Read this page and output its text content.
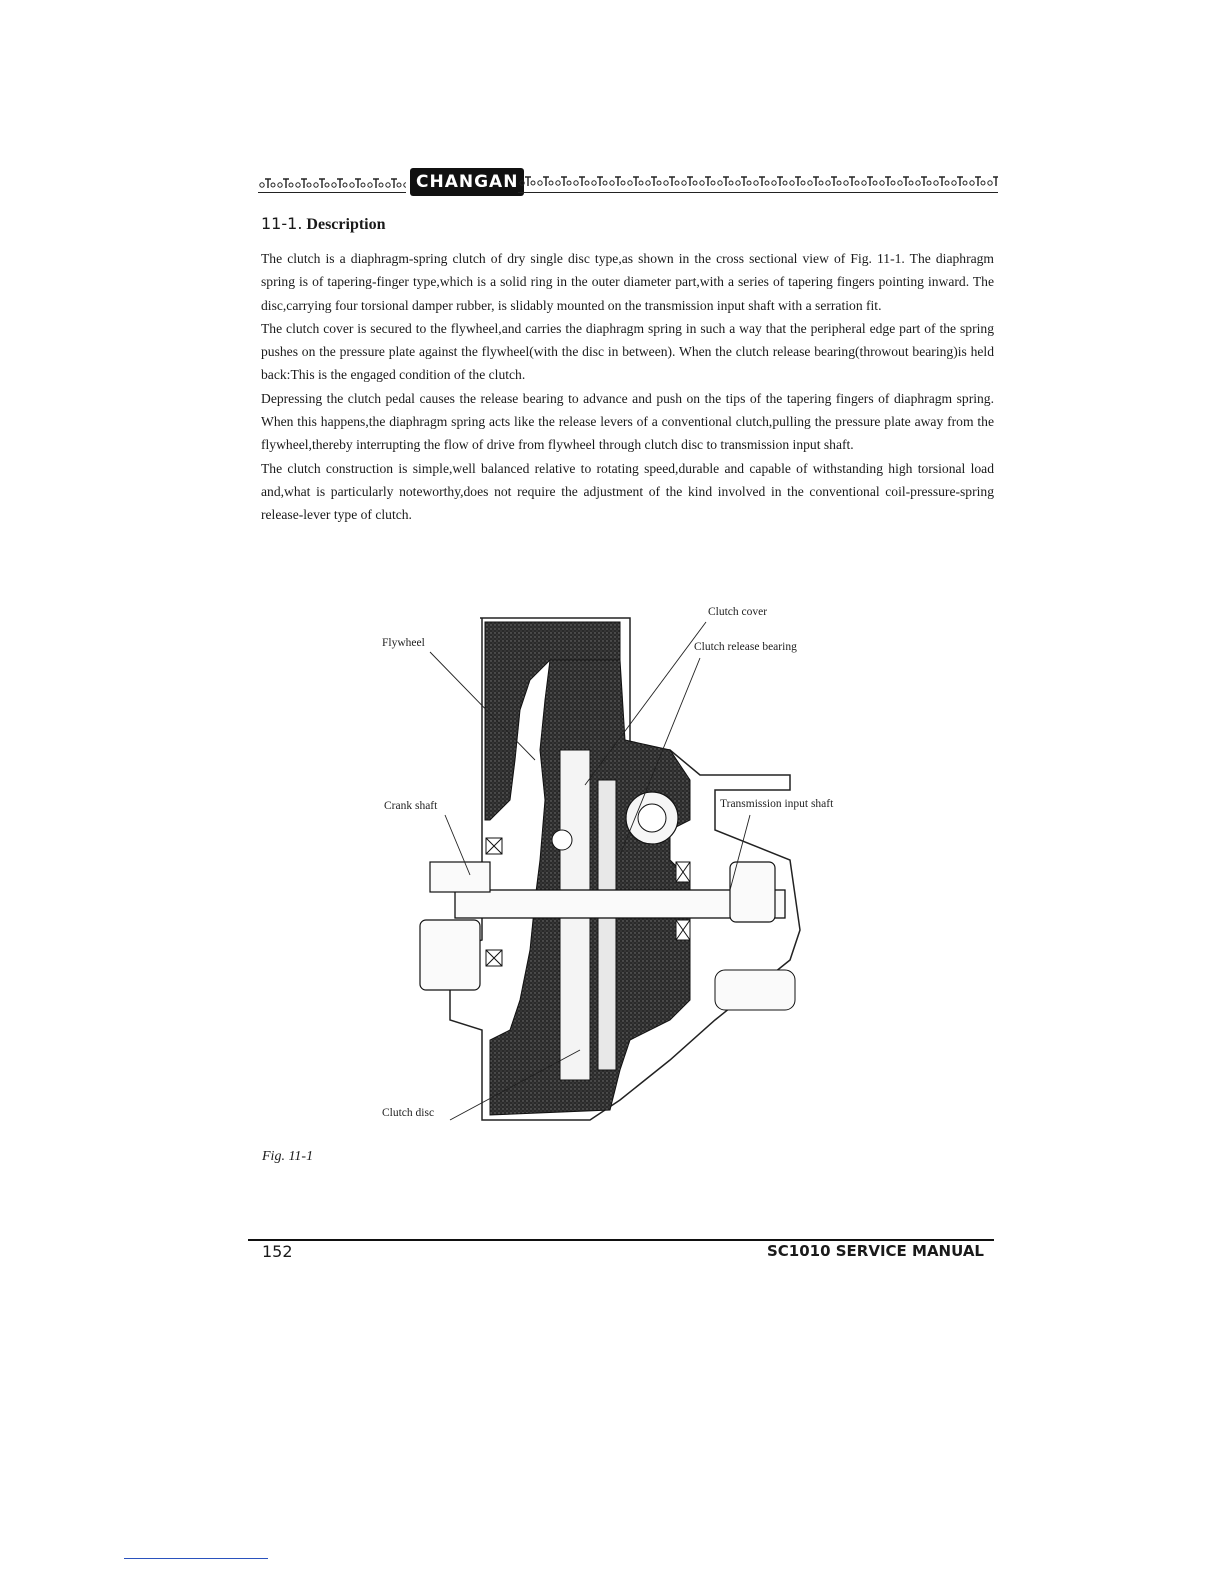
CHANGAN
11-1. Description

The clutch is a diaphragm-spring clutch of dry single disc type,as shown in the cross sectional view of Fig. 11-1. The diaphragm spring is of tapering-finger type,which is a solid ring in the outer diameter part,with a series of tapering fingers pointing inward. The disc,carrying four torsional damper rubber, is slidably mounted on the transmission input shaft with a serration fit.

The clutch cover is secured to the flywheel,and carries the diaphragm spring in such a way that the peripheral edge part of the spring pushes on the pressure plate against the flywheel(with the disc in between). When the clutch release bearing(throwout bearing)is held back:This is the engaged condition of the clutch.

Depressing the clutch pedal causes the release bearing to advance and push on the tips of the tapering fingers of diaphragm spring. When this happens,the diaphragm spring acts like the release levers of a conventional clutch,pulling the pressure plate away from the flywheel,thereby interrupting the flow of drive from flywheel through clutch disc to transmission input shaft.

The clutch construction is simple,well balanced relative to rotating speed,durable and capable of withstanding high torsional load and,what is particularly noteworthy,does not require the adjustment of the kind involved in the conventional coil-pressure-spring release-lever type of clutch.

Clutch cover
Flywheel	Clutch release bearing
Crank shaft	Transmission input shaft
Clutch disc
Fig. 11-1
152	SC1010 SERVICE MANUAL
